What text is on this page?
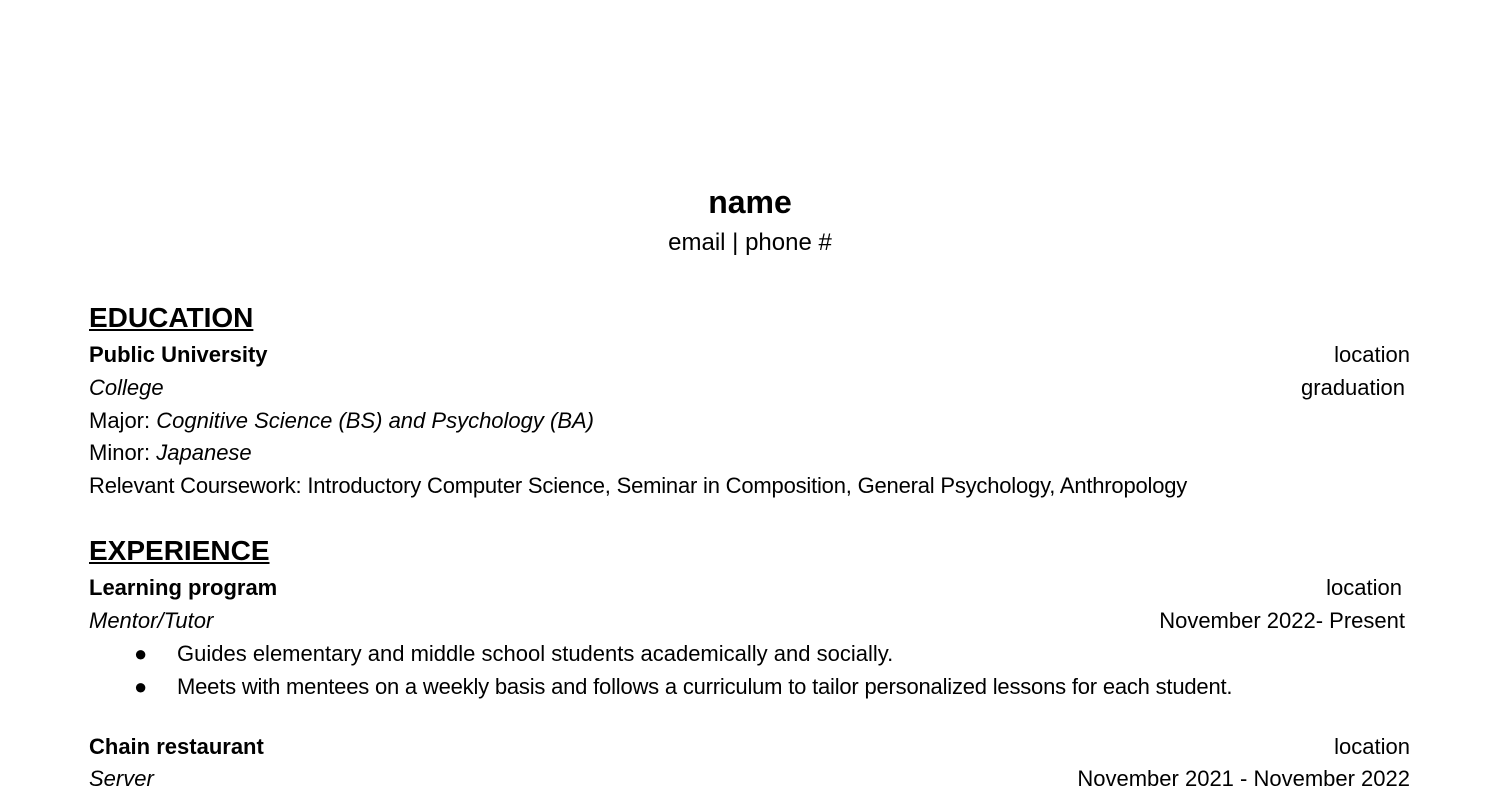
name
email | phone #
EDUCATION
Public University	location
College	graduation
Major: Cognitive Science (BS) and Psychology (BA)
Minor: Japanese
Relevant Coursework: Introductory Computer Science, Seminar in Composition, General Psychology, Anthropology
EXPERIENCE
Learning program	location
Mentor/Tutor	November 2022- Present
● Guides elementary and middle school students academically and socially.
● Meets with mentees on a weekly basis and follows a curriculum to tailor personalized lessons for each student.
Chain restaurant	location
Server	November 2021 - November 2022
